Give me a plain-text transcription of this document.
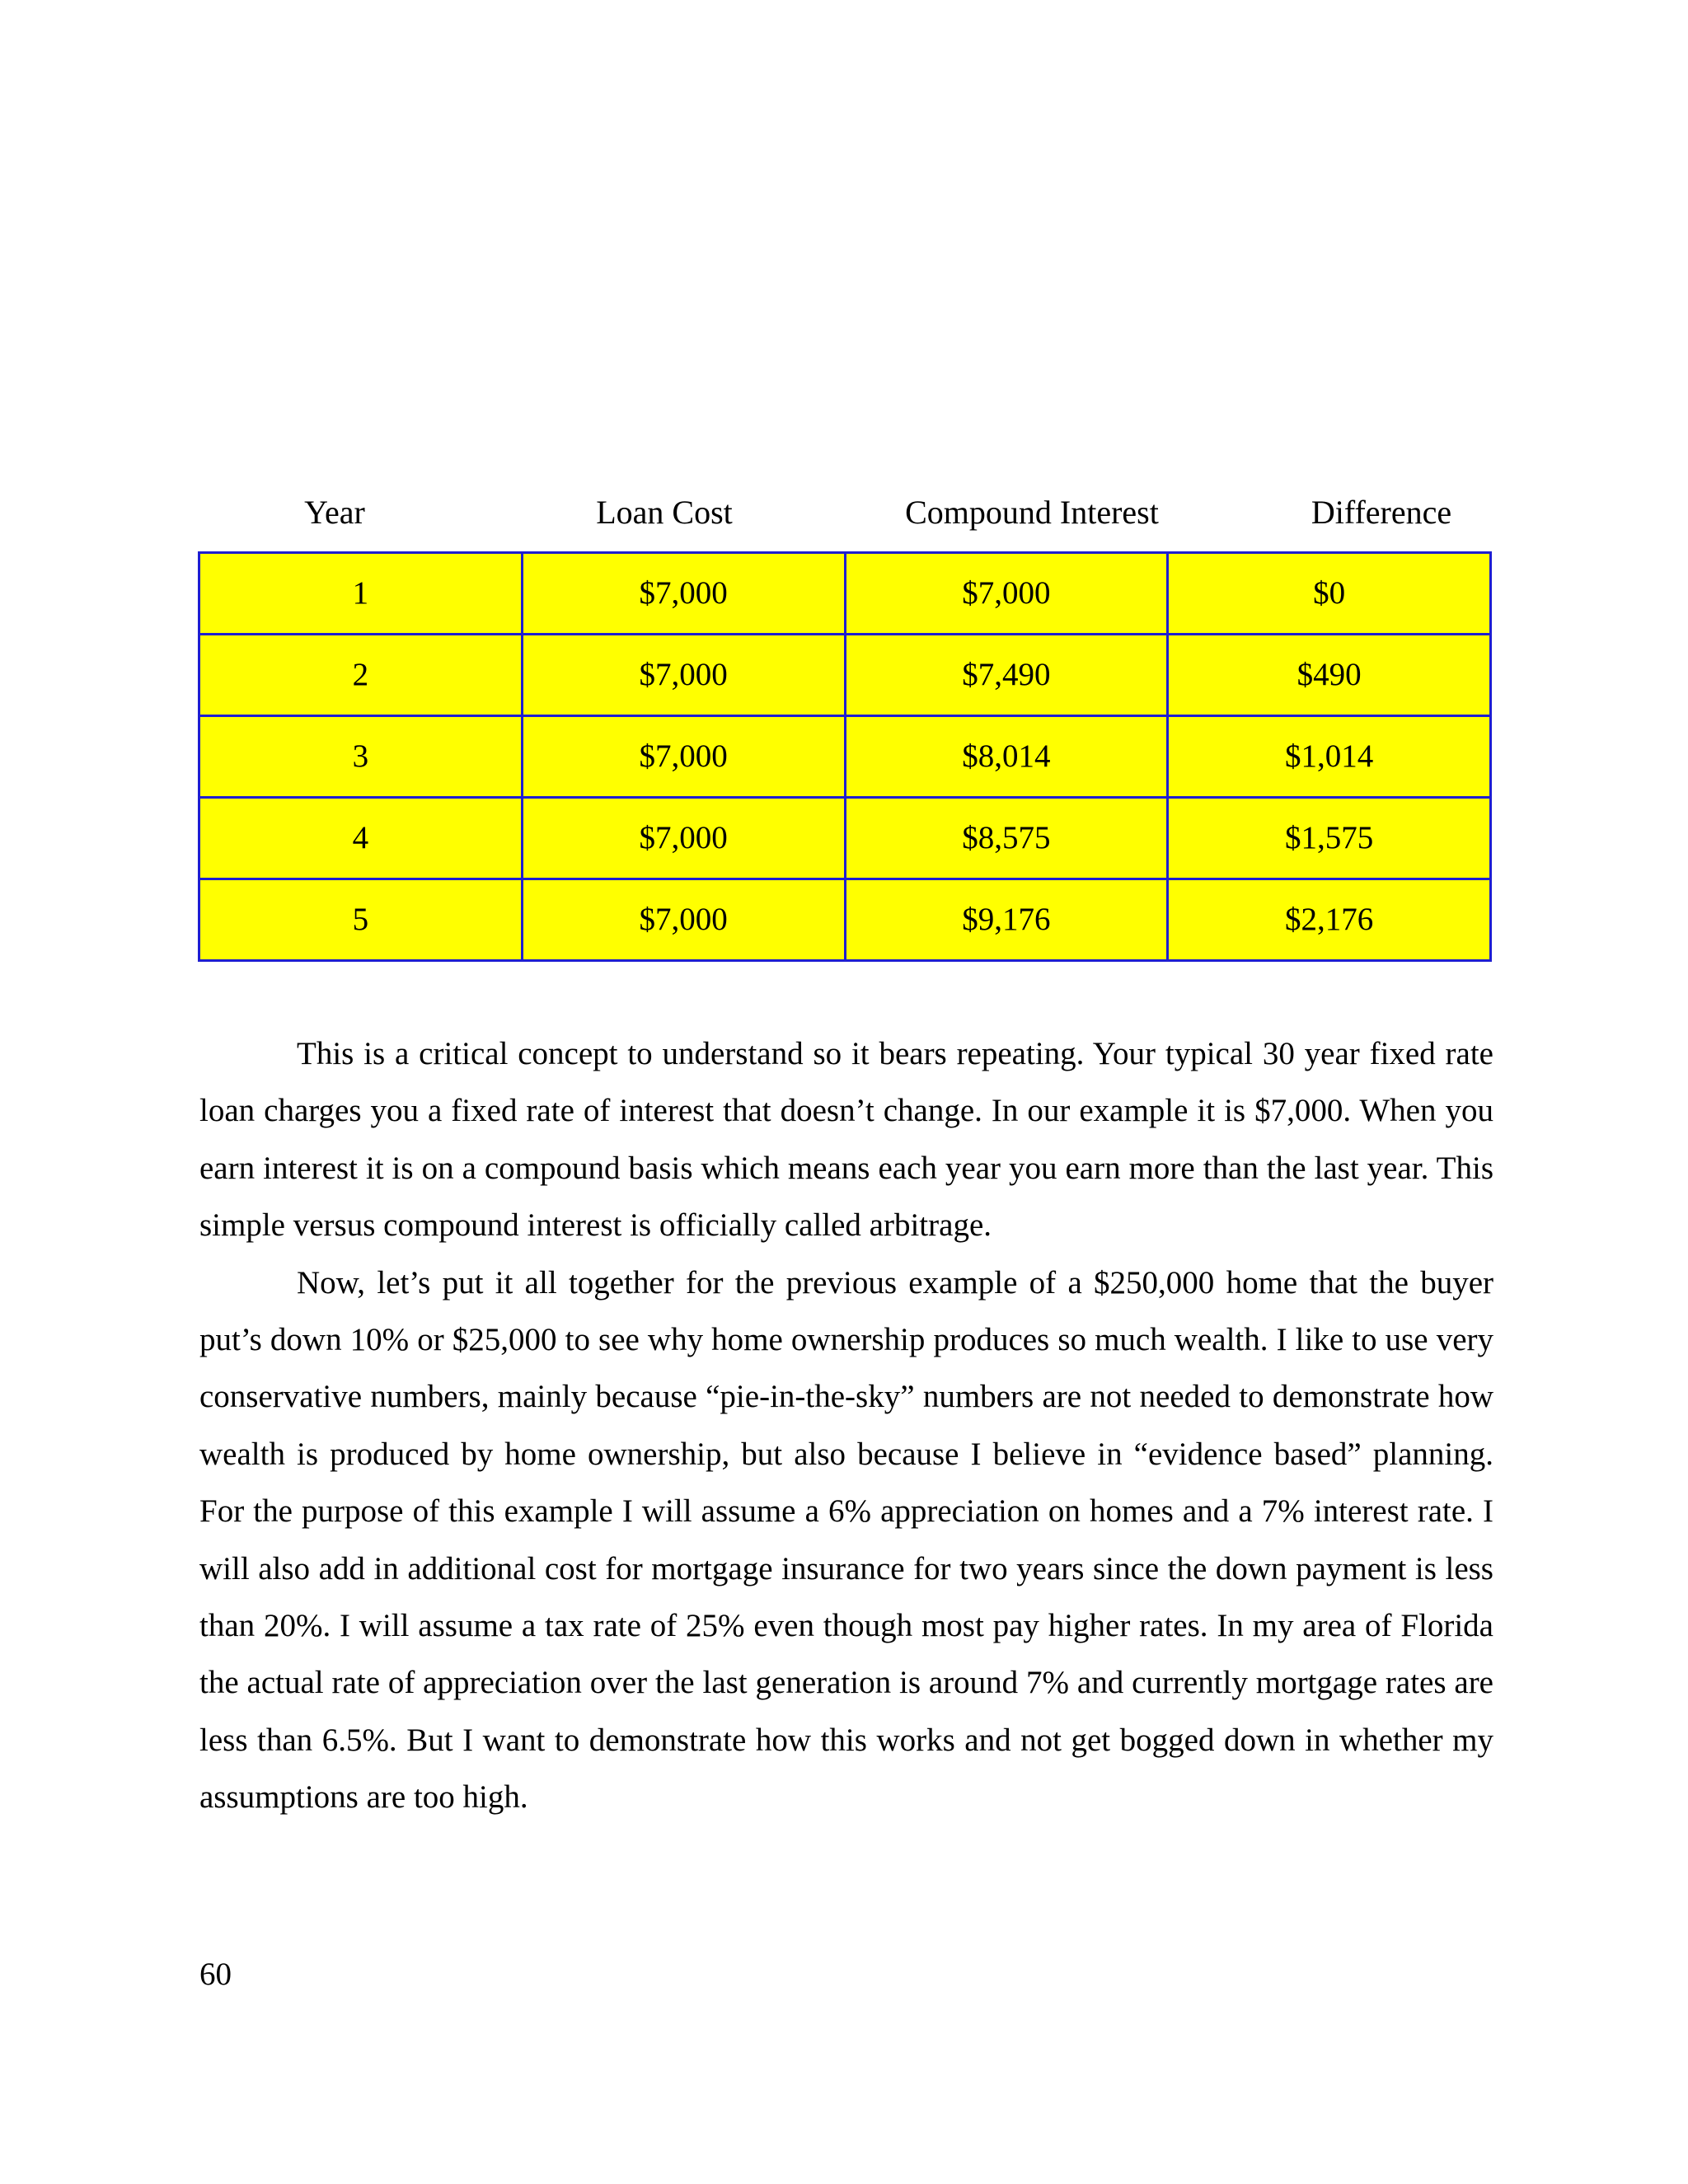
Year	Loan Cost	Compound Interest	Difference
1	$7,000	$7,000	$0
2	$7,000	$7,490	$490
3	$7,000	$8,014	$1,014
4	$7,000	$8,575	$1,575
5	$7,000	$9,176	$2,176

This is a critical concept to understand so it bears repeating. Your typical 30 year fixed rate loan charges you a fixed rate of interest that doesn’t change. In our example it is $7,000. When you earn interest it is on a compound basis which means each year you earn more than the last year. This simple versus compound interest is officially called arbitrage.

Now, let’s put it all together for the previous example of a $250,000 home that the buyer put’s down 10% or $25,000 to see why home ownership produces so much wealth. I like to use very conservative numbers, mainly because “pie-in-the-sky” numbers are not needed to demonstrate how wealth is produced by home ownership, but also because I believe in “evidence based” planning. For the purpose of this example I will assume a 6% appreciation on homes and a 7% interest rate. I will also add in additional cost for mortgage insurance for two years since the down payment is less than 20%. I will assume a tax rate of 25% even though most pay higher rates. In my area of Florida the actual rate of appreciation over the last generation is around 7% and currently mortgage rates are less than 6.5%. But I want to demonstrate how this works and not get bogged down in whether my assumptions are too high.

60
